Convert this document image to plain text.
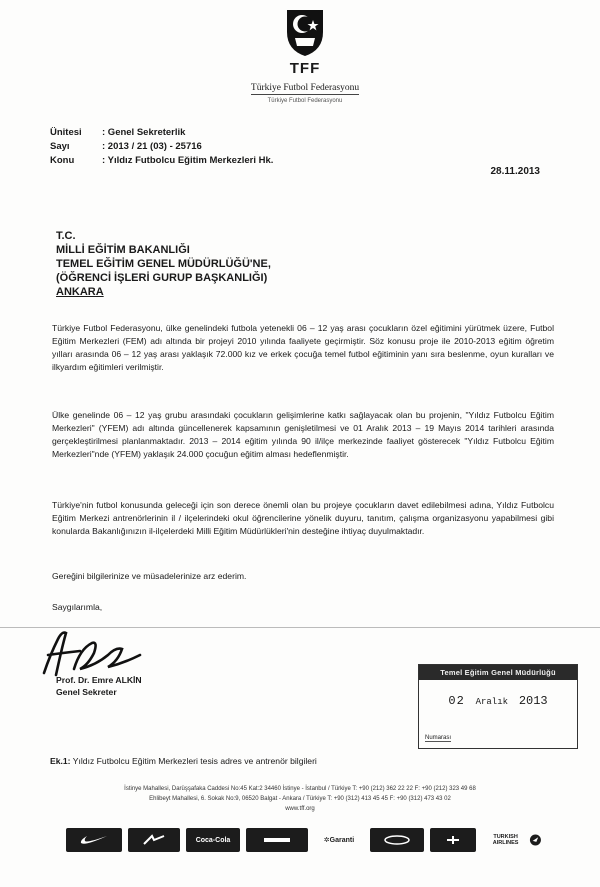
TFF
Türkiye Futbol Federasyonu
Türkiye Futbol Federasyonu
Ünitesi	: Genel Sekreterlik
Sayı	: 2013 / 21 (03) - 25716
Konu	: Yıldız Futbolcu Eğitim Merkezleri Hk.
28.11.2013
T.C.
MİLLİ EĞİTİM BAKANLIĞI
TEMEL EĞİTİM GENEL MÜDÜRLÜĞÜ'NE,
(ÖĞRENCİ İŞLERİ GURUP BAŞKANLIĞI)
ANKARA
Türkiye Futbol Federasyonu, ülke genelindeki futbola yetenekli 06 – 12 yaş arası çocukların özel eğitimini yürütmek üzere, Futbol Eğitim Merkezleri (FEM) adı altında bir projeyi 2010 yılında faaliyete geçirmiştir. Söz konusu proje ile 2010-2013 eğitim öğretim yılları arasında 06 – 12 yaş arası yaklaşık 72.000 kız ve erkek çocuğa temel futbol eğitiminin yanı sıra beslenme, oyun kuralları ve ilkyardım eğitimleri verilmiştir.
Ülke genelinde 06 – 12 yaş grubu arasındaki çocukların gelişimlerine katkı sağlayacak olan bu projenin, "Yıldız Futbolcu Eğitim Merkezleri" (YFEM) adı altında güncellenerek kapsamının genişletilmesi ve 01 Aralık 2013 – 19 Mayıs 2014 tarihleri arasında gerçekleştirilmesi planlanmaktadır. 2013 – 2014 eğitim yılında 90 il/ilçe merkezinde faaliyet gösterecek "Yıldız Futbolcu Eğitim Merkezleri"nde (YFEM) yaklaşık 24.000 çocuğun eğitim alması hedeflenmiştir.
Türkiye'nin futbol konusunda geleceği için son derece önemli olan bu projeye çocukların davet edilebilmesi adına, Yıldız Futbolcu Eğitim Merkezi antrenörlerinin il / ilçelerindeki okul öğrencilerine yönelik duyuru, tanıtım, çalışma organizasyonu yapabilmesi gibi konularda Bakanlığınızın il-ilçelerdeki Milli Eğitim Müdürlükleri'nin desteğine ihtiyaç duyulmaktadır.
Gereğini bilgilerinize ve müsadelerinize arz ederim.
Saygılarımla,
Prof. Dr. Emre ALKİN
Genel Sekreter
Temel Eğitim Genel Müdürlüğü
02 Aralık 2013
Numarası
Ek.1: Yıldız Futbolcu Eğitim Merkezleri tesis adres ve antrenör bilgileri
İstinye Mahallesi, Darüşşafaka Caddesi No:45 Kat:2 34460 İstinye - İstanbul / Türkiye T: +90 (212) 362 22 22 F: +90 (212) 323 49 68
Ehlibeyt Mahallesi, 6. Sokak No:9, 06520 Balgat - Ankara / Türkiye T: +90 (312) 413 45 45 F: +90 (312) 473 43 02
www.tff.org
Coca-Cola	✲ Garanti	TURKISH AIRLINES
